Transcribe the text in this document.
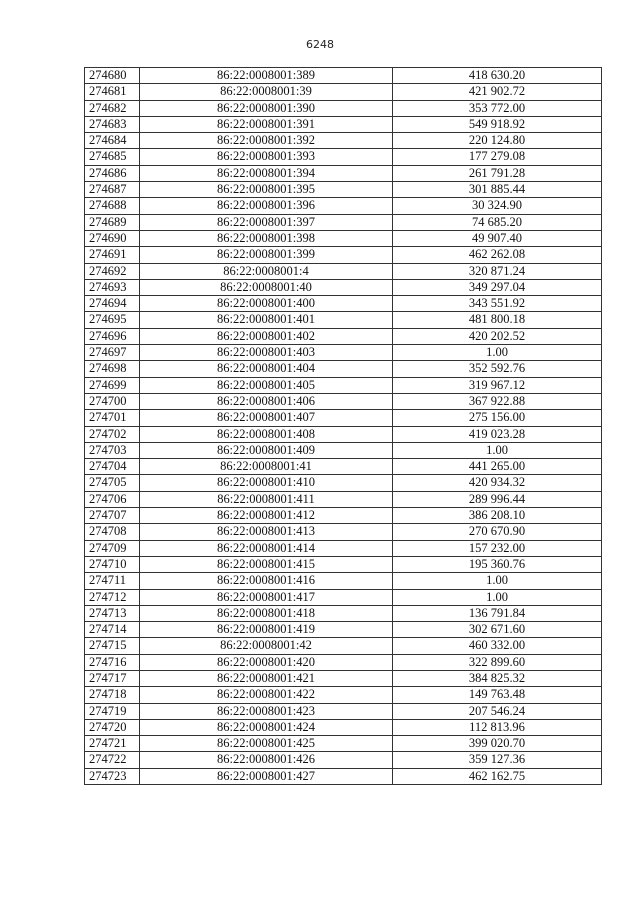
6248
274680	86:22:0008001:389	418 630.20
274681	86:22:0008001:39	421 902.72
274682	86:22:0008001:390	353 772.00
274683	86:22:0008001:391	549 918.92
274684	86:22:0008001:392	220 124.80
274685	86:22:0008001:393	177 279.08
274686	86:22:0008001:394	261 791.28
274687	86:22:0008001:395	301 885.44
274688	86:22:0008001:396	30 324.90
274689	86:22:0008001:397	74 685.20
274690	86:22:0008001:398	49 907.40
274691	86:22:0008001:399	462 262.08
274692	86:22:0008001:4	320 871.24
274693	86:22:0008001:40	349 297.04
274694	86:22:0008001:400	343 551.92
274695	86:22:0008001:401	481 800.18
274696	86:22:0008001:402	420 202.52
274697	86:22:0008001:403	1.00
274698	86:22:0008001:404	352 592.76
274699	86:22:0008001:405	319 967.12
274700	86:22:0008001:406	367 922.88
274701	86:22:0008001:407	275 156.00
274702	86:22:0008001:408	419 023.28
274703	86:22:0008001:409	1.00
274704	86:22:0008001:41	441 265.00
274705	86:22:0008001:410	420 934.32
274706	86:22:0008001:411	289 996.44
274707	86:22:0008001:412	386 208.10
274708	86:22:0008001:413	270 670.90
274709	86:22:0008001:414	157 232.00
274710	86:22:0008001:415	195 360.76
274711	86:22:0008001:416	1.00
274712	86:22:0008001:417	1.00
274713	86:22:0008001:418	136 791.84
274714	86:22:0008001:419	302 671.60
274715	86:22:0008001:42	460 332.00
274716	86:22:0008001:420	322 899.60
274717	86:22:0008001:421	384 825.32
274718	86:22:0008001:422	149 763.48
274719	86:22:0008001:423	207 546.24
274720	86:22:0008001:424	112 813.96
274721	86:22:0008001:425	399 020.70
274722	86:22:0008001:426	359 127.36
274723	86:22:0008001:427	462 162.75
